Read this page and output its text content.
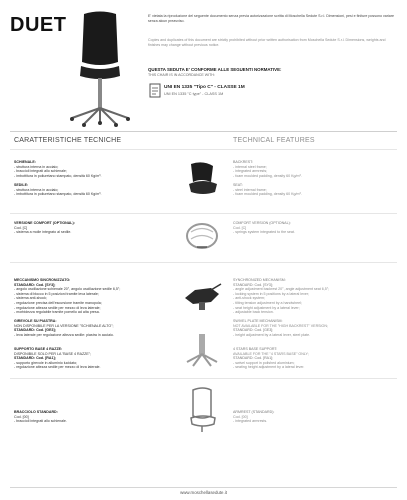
DUET	E' vietata la riproduzione del seguente documento senza previa autorizzazione scritta di Moschella Sedute S.r.l. Dimensioni, pesi e finiture possono variare senza alcun preavviso.
Copies and duplicates of this document are strictly prohibited without prior written authorisation from Moschella Sedute S.r.l. Dimensions, weights and finishes may change without previous notice.
QUESTA SEDUTA E' CONFORME ALLE SEGUENTI NORMATIVE:
THIS CHAIR IS IN ACCORDANCE WITH:
UNI EN 1335 "Tipo C" - CLASSE 1M
UNI EN 1335 "C type" - CLASS 1M
CARATTERISTICHE TECNICHE	TECHNICAL FEATURES
SCHIENALE:
- struttura interna in acciaio;
- braccioli integrati allo schienale;
- imbottitura in poliuretano stampato, densità 60 Kg/m³.
SEDILE:
- struttura interna in acciaio;
- imbottitura in poliuretano stampato, densità 60 Kg/m³.
BACKREST:
- internal steel frame;
- integrated armrests;
- foam moulded padding, density 60 Kg/m³.
SEAT:
- steel internal frame;
- foam moulded padding, density 60 Kg/m³.
VERSIONE COMFORT (OPTIONAL):
Cod. [C]
- sistema a molle integrato al sedile.
COMFORT VERSION (OPTIONAL):
Cod. [C]
- springs system integrated to the seat.
MECCANISMO SINCRONIZZATO:
STANDARD: Cod. [SY3];
- angolo oscillazione schienale 20°, angolo oscillazione sedile 6,5°;
- sistema di blocco in 5 posizioni tramite leva laterale;
- sistema anti-shock;
- regolazione precisa dell'escursione tramite manopola;
- regolazione altezza sedile per mezzo di leva laterale;
- morbidezza regolabile tramite pomello ad alta presa.
GIREVOLE SU PIASTRA:
NON DISPONIBILE PER LA VERSIONE "SCHIENALE ALTO";
STANDARD: Cod. [GE3];
- leva laterale per regolazione altezza sedile: piastra in acciaio.
SUPPORTO BASE 4 RAZZE:
DISPONIBILE SOLO PER LA "BASE 4 RAZZE";
STANDARD: Cod. [RA1];
- supporto girevole in alluminio lucidato;
- regolazione altezza sedile per mezzo di leva laterale.
SYNCHRONIZED MECHANISM:
STANDARD: Cod. [SY3];
- angle adjustment backrest 20°, angle adjustment seat 6,5°;
- locking system in 5 positions by a lateral lever;
- anti-shock system;
- tilting tension adjustment by a handwheel;
- seat height adjustment by a lateral lever;
- adjustable back tension.
SWIVEL PLATE MECHANISM:
NOT AVAILABLE FOR THE "HIGH BACKREST" VERSION;
STANDARD: Cod. [GE3];
- height adjustment by a lateral lever, steel plate.
4 STARS BASE SUPPORT:
AVAILABLE FOR THE "4 STARS BASE" ONLY;
STANDARD: Cod. [RA1];
- swivel support in polished aluminium;
- seating height adjustment by a lateral lever.
BRACCIOLO STANDARD:
Cod. [00]
- braccioli integrati allo schienale.
ARMREST (STANDARD):
Cod. [00]
- integrated armrests.
www.moschellasedute.it
